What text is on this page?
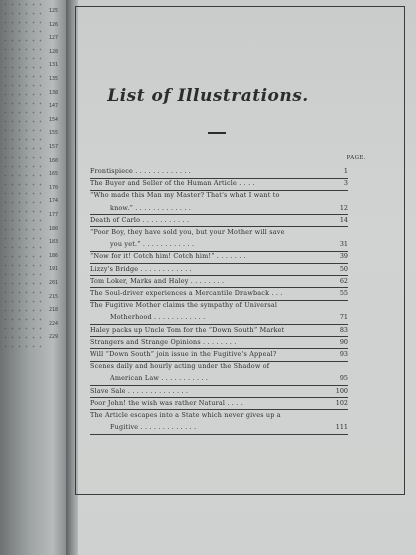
125
126
127
128
131
135
138
147
154
155
157
160
165
170
174
177
180
183
186
191
201
215
218
224
229
List of Illustrations.
PAGE.
Frontispiece . . . . . . . . . . . . .	1
The Buyer and Seller of the Human Article . . . .	3
“Who made this Man my Master? That's what I want to
know.” . . . . . . . . . . . . .	12
Death of Carlo . . . . . . . . . . .	14
“Poor Boy, they have sold you, but your Mother will save
you yet.” . . . . . . . . . . . .	31
“Now for it! Cotch him! Cotch him!” . . . . . . .	39
Lizzy's Bridge . . . . . . . . . . . .	50
Tom Loker, Marks and Haley . . . . . . . .	62
The Soul-driver experiences a Mercantile Drawback . . .	55
The Fugitive Mother claims the sympathy of Universal
Motherhood . . . . . . . . . . . .	71
Haley packs up Uncle Tom for the “Down South” Market	83
Strangers and Strange Opinions . . . . . . . .	90
Will “Down South” join issue in the Fugitive's Appeal?	93
Scenes daily and hourly acting under the Shadow of
American Law . . . . . . . . . . .	95
Slave Sale . . . . . . . . . . . . . .	100
Poor John! the wish was rather Natural . . . .	102
The Article escapes into a State which never gives up a
Fugitive . . . . . . . . . . . . .	111
